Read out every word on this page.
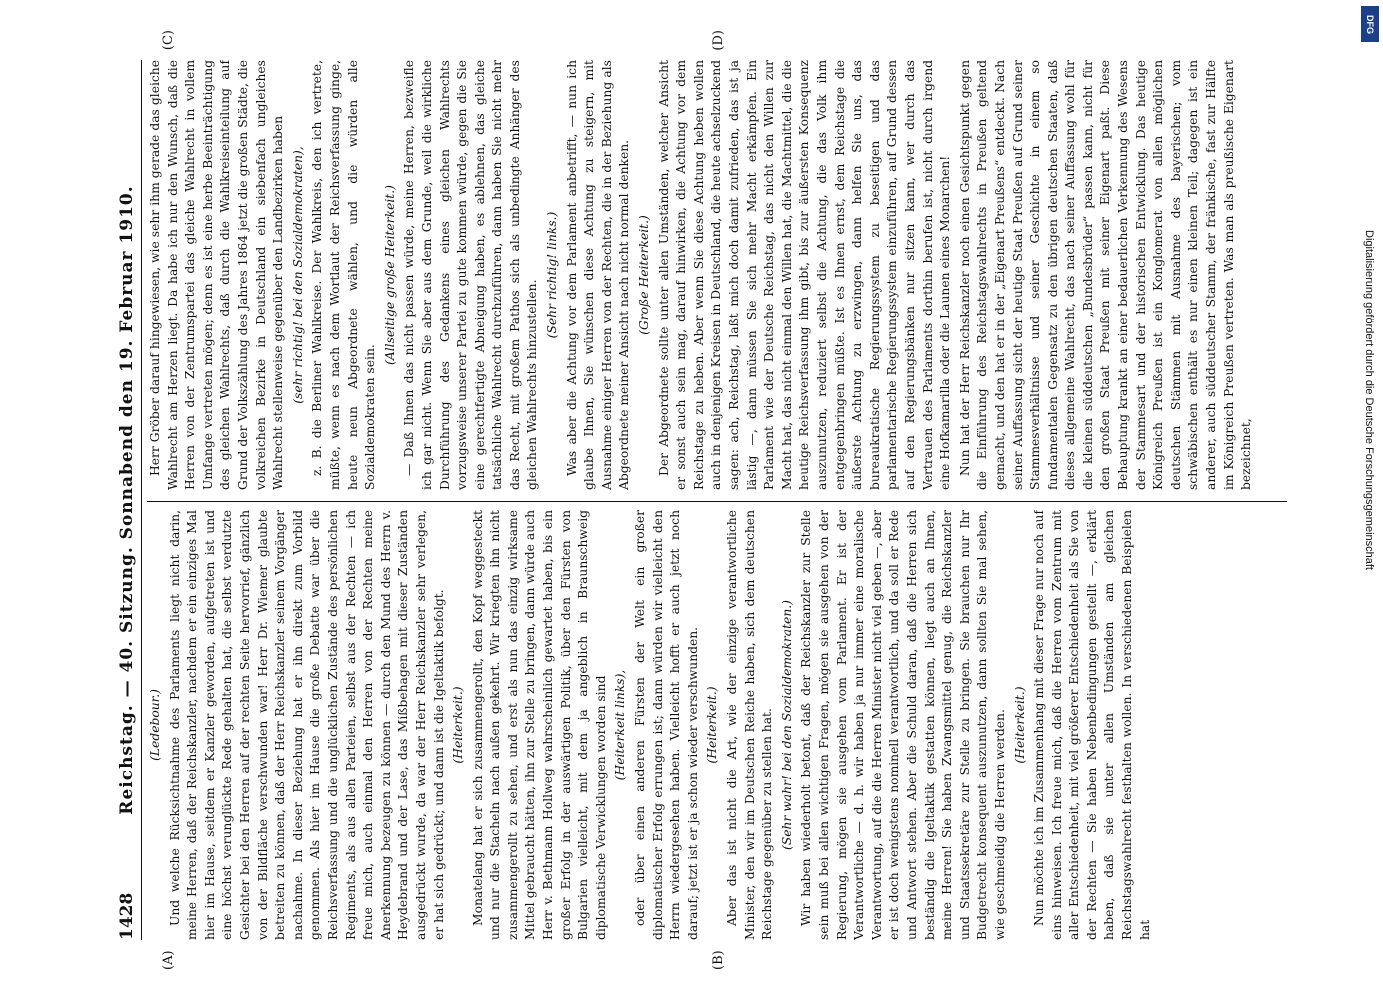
1428
Reichstag. — 40. Sitzung. Sonnabend den 19. Februar 1910.
(A)	(B)
(C)	(D)

(Ledebour.) Und welche Rücksichtnahme des Parlaments liegt nicht darin, meine Herren, daß der Reichskanzler, nachdem er ein einziges Mal hier im Hause, seitdem er Kanzler geworden, aufgetreten ist und eine höchst verunglückte Rede gehalten hat, die selbst verdutzte Gesichter bei den Herren auf der rechten Seite hervorrief, gänzlich von der Bildfläche verschwunden war! Herr Dr. Wiemer glaubte betreiten zu können, daß der Herr Reichskanzler seinem Vorgänger nachahme. In dieser Beziehung hat er ihn direkt zum Vorbild genommen. Als hier im Hause die große Debatte war über die Reichsverfassung und die unglücklichen Zustände des persönlichen Regiments, als aus allen Parteien, selbst aus der Rechten — ich freue mich, auch einmal den Herren von der Rechten meine Anerkennung bezeugen zu können — durch den Mund des Herrn v. Heydebrand und der Lase, das Mißbehagen mit dieser Zuständen ausgedrückt wurde, da war der Herr Reichskanzler sehr verlegen, er hat sich gedrückt; und dann ist die Igeltaktik befolgt. (Heiterkeit.) Monatelang hat er sich zusammengerollt, den Kopf weggesteckt und nur die Stacheln nach außen gekehrt. Wir kriegten ihn nicht zusammengerollt zu sehen, und erst als nun das einzig wirksame Mittel gebraucht hätten, ihn zur Stelle zu bringen, dann würde auch Herr v. Bethmann Hollweg wahrscheinlich gewartet haben, bis ein großer Erfolg in der auswärtigen Politik, über den Fürsten von Bulgarien vielleicht, mit dem ja angeblich in Braunschweig diplomatische Verwicklungen worden sind (Heiterkeit links), oder über einen anderen Fürsten der Welt ein großer diplomatischer Erfolg errungen ist; dann würden wir vielleicht den Herrn wiedergesehen haben. Vielleicht hofft er auch jetzt noch darauf; jetzt ist er ja schon wieder verschwunden. (Heiterkeit.) Aber das ist nicht die Art, wie der einzige verantwortliche Minister, den wir im Deutschen Reiche haben, sich dem deutschen Reichstage gegenüber zu stellen hat. (Sehr wahr! bei den Sozialdemokraten.) Wir haben wiederholt betont, daß der Reichskanzler zur Stelle sein muß bei allen wichtigen Fragen, mögen sie ausgehen von der Regierung, mögen sie ausgehen vom Parlament. Er ist der Verantwortliche — d. h. wir haben ja nur immer eine moralische Verantwortung, auf die die Herren Minister nicht viel geben —, aber er ist doch wenigstens nominell verantwortlich, und da soll er Rede und Antwort stehen. Aber die Schuld daran, daß die Herren sich beständig die Igeltaktik gestatten können, liegt auch an Ihnen, meine Herren! Sie haben Zwangsmittel genug, die Reichskanzler und Staatssekretäre zur Stelle zu bringen. Sie brauchen nur Ihr Budgetrecht konsequent auszunutzen, dann sollten Sie mal sehen, wie geschmeidig die Herren werden. (Heiterkeit.) Nun möchte ich im Zusammenhang mit dieser Frage nur noch auf eins hinweisen. Ich freue mich, daß die Herren vom Zentrum mit aller Entschiedenheit, mit viel größerer Entschiedenheit als Sie von der Rechten — Sie haben Nebenbedingungen gestellt —, erklärt haben, daß sie unter allen Umständen am gleichen Reichstagswahlrecht festhalten wollen. In verschiedenen Beispielen hat

Herr Gröber darauf hingewiesen, wie sehr ihm gerade das gleiche Wahlrecht am Herzen liegt. Da habe ich nur den Wunsch, daß die Herren von der Zentrumspartei das gleiche Wahlrecht in vollem Umfange vertreten mögen; denn es ist eine herbe Beeinträchtigung des gleichen Wahlrechts, daß durch die Wahlkreiseinteilung auf Grund der Volkszählung des Jahres 1864 jetzt die großen Städte, die volkreichen Bezirke in Deutschland ein siebenfach ungleiches Wahlrecht stellenweise gegenüber den Landbezirken haben (sehr richtig! bei den Sozialdemokraten), z. B. die Berliner Wahlkreise. Der Wahlkreis, den ich vertrete, müßte, wenn es nach dem Wortlaut der Reichsverfassung ginge, heute neun Abgeordnete wählen, und die würden alle Sozialdemokraten sein.

(Allseitige große Heiterkeit.) — Daß Ihnen das nicht passen würde, meine Herren, bezweifle ich gar nicht. Wenn Sie aber aus dem Grunde, weil die wirkliche Durchführung des Gedankens eines gleichen Wahlrechts vorzugsweise unserer Partei zu gute kommen würde, gegen die Sie eine gerechtfertigte Abneigung haben, es ablehnen, das gleiche tatsächliche Wahlrecht durchzuführen, dann haben Sie nicht mehr das Recht, mit großem Pathos sich als unbedingte Anhänger des gleichen Wahlrechts hinzustellen.

(Sehr richtig! links.) Was aber die Achtung vor dem Parlament anbetrifft, — nun ich glaube Ihnen, Sie wünschen diese Achtung zu steigern, mit Ausnahme einiger Herren von der Rechten, die in der Beziehung als Abgeordnete meiner Ansicht nach nicht normal denken. (Große Heiterkeit.) Der Abgeordnete sollte unter allen Umständen, welcher Ansicht er sonst auch sein mag, darauf hinwirken, die Achtung vor dem Reichstage zu heben. Aber wenn Sie diese Achtung heben wollen auch in denjenigen Kreisen in Deutschland, die heute achselzuckend sagen: ach, Reichstag, laßt mich doch damit zufrieden, das ist ja lästig —, dann müssen Sie sich mehr Macht erkämpfen. Ein Parlament wie der Deutsche Reichstag, das nicht den Willen zur Macht hat, das nicht einmal den Willen hat, die Machtmittel, die die heutige Reichsverfassung ihm gibt, bis zur äußersten Konsequenz auszunutzen, reduziert selbst die Achtung, die das Volk ihm entgegenbringen müßte. Ist es Ihnen ernst, dem Reichstage die äußerste Achtung zu erzwingen, dann helfen Sie uns, das bureaukratische Regierungssystem zu beseitigen und das parlamentarische Regierungssystem einzuführen, auf Grund dessen auf den Regierungsbänken nur sitzen kann, wer durch das Vertrauen des Parlaments dorthin berufen ist, nicht durch irgend eine Hofkamarilla oder die Launen eines Monarchen! Nun hat der Herr Reichskanzler noch einen Gesichtspunkt gegen die Einführung des Reichstagswahlrechts in Preußen geltend gemacht, und den hat er in der „Eigenart Preußens“ entdeckt. Nach seiner Auffassung sicht der heutige Staat Preußen auf Grund seiner Stammesverhältnisse und seiner Geschichte in einem so fundamentalen Gegensatz zu den übrigen deutschen Staaten, daß dieses allgemeine Wahlrecht, das nach seiner Auffassung wohl für die kleinen süddeutschen „Bundesbrüder“ passen kann, nicht für den großen Staat Preußen mit seiner Eigenart paßt. Diese Behauptung krankt an einer bedauerlichen Verkennung des Wesens der Stammesart und der historischen Entwicklung. Das heutige Königreich Preußen ist ein Konglomerat von allen möglichen deutschen Stämmen mit Ausnahme des bayerischen; vom schwäbischen enthält es nur einen kleinen Teil; dagegen ist ein anderer, auch süddeutscher Stamm, der fränkische, fast zur Hälfte im Königreich Preußen vertreten. Was man als preußische Eigenart bezeichnet,

DFG
Digitalisierung gefördert durch die Deutsche Forschungsgemeinschaft
